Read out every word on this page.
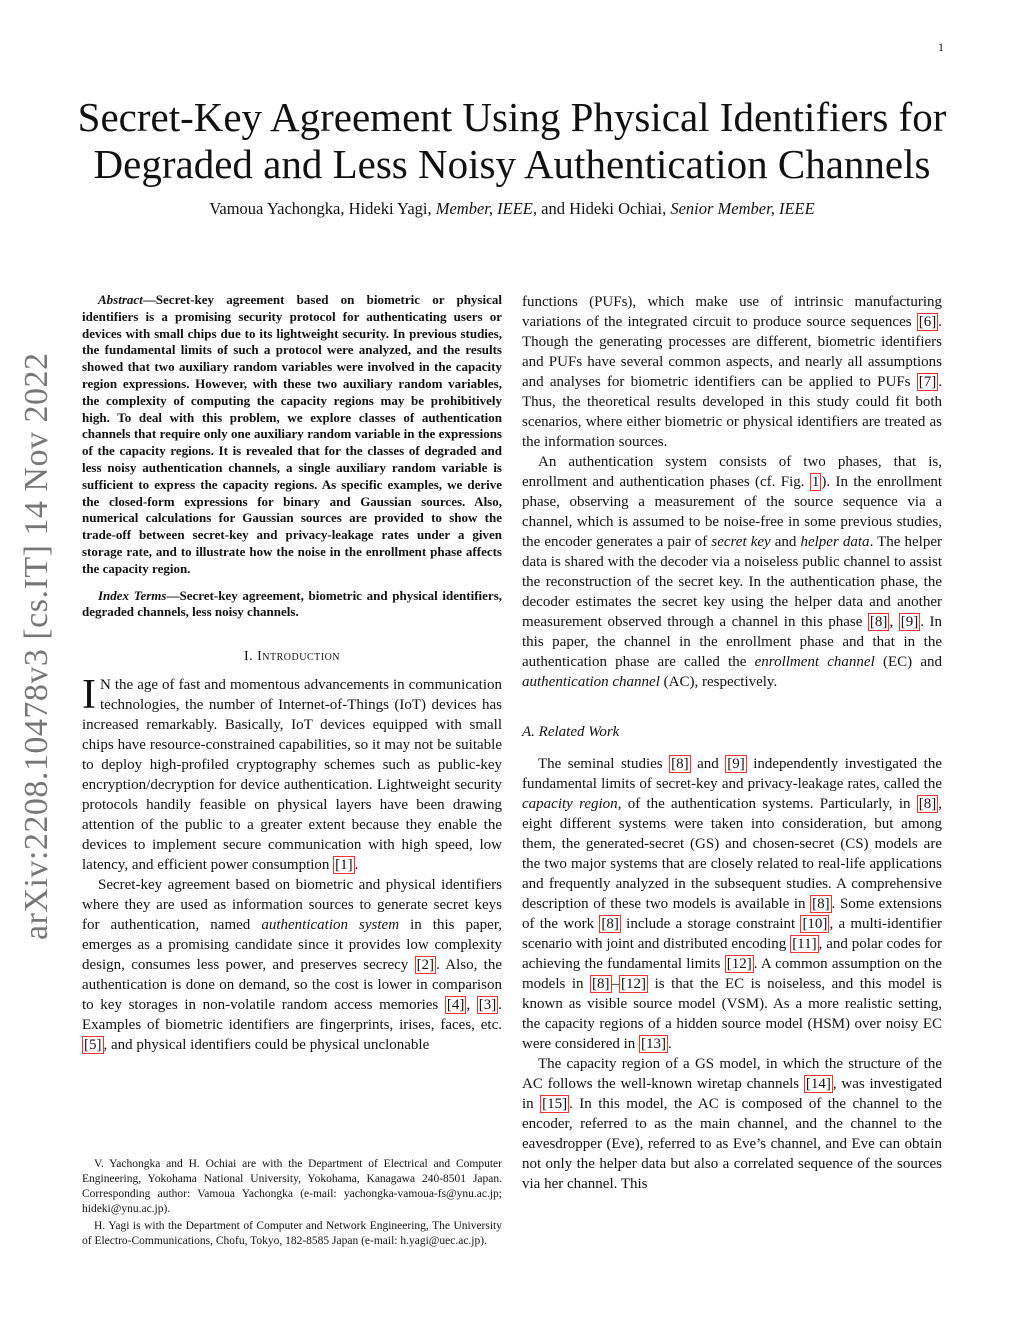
1
arXiv:2208.10478v3 [cs.IT] 14 Nov 2022
Secret-Key Agreement Using Physical Identifiers for
Degraded and Less Noisy Authentication Channels
Vamoua Yachongka, Hideki Yagi, Member, IEEE, and Hideki Ochiai, Senior Member, IEEE

Abstract—Secret-key agreement based on biometric or physical identifiers is a promising security protocol for authenticating users or devices with small chips due to its lightweight security. In previous studies, the fundamental limits of such a protocol were analyzed, and the results showed that two auxiliary random variables were involved in the capacity region expressions. However, with these two auxiliary random variables, the complexity of computing the capacity regions may be prohibitively high. To deal with this problem, we explore classes of authentication channels that require only one auxiliary random variable in the expressions of the capacity regions. It is revealed that for the classes of degraded and less noisy authentication channels, a single auxiliary random variable is sufficient to express the capacity regions. As specific examples, we derive the closed-form expressions for binary and Gaussian sources. Also, numerical calculations for Gaussian sources are provided to show the trade-off between secret-key and privacy-leakage rates under a given storage rate, and to illustrate how the noise in the enrollment phase affects the capacity region.

Index Terms—Secret-key agreement, biometric and physical identifiers, degraded channels, less noisy channels.

I. Introduction

I N the age of fast and momentous advancements in communication technologies, the number of Internet-of-Things (IoT) devices has increased remarkably. Basically, IoT devices equipped with small chips have resource-constrained capabilities, so it may not be suitable to deploy high-profiled cryptography schemes such as public-key encryption/decryption for device authentication. Lightweight security protocols handily feasible on physical layers have been drawing attention of the public to a greater extent because they enable the devices to implement secure communication with high speed, low latency, and efficient power consumption [1] .

Secret-key agreement based on biometric and physical identifiers where they are used as information sources to generate secret keys for authentication, named authentication system in this paper, emerges as a promising candidate since it provides low complexity design, consumes less power, and preserves secrecy [2] . Also, the authentication is done on demand, so the cost is lower in comparison to key storages in non-volatile random access memories [4] , [3] . Examples of biometric identifiers are fingerprints, irises, faces, etc. [5] , and physical identifiers could be physical unclonable

V. Yachongka and H. Ochiai are with the Department of Electrical and Computer Engineering, Yokohama National University, Yokohama, Kanagawa 240-8501 Japan. Corresponding author: Vamoua Yachongka (e-mail: yachongka-vamoua-fs@ynu.ac.jp; hideki@ynu.ac.jp).

H. Yagi is with the Department of Computer and Network Engineering, The University of Electro-Communications, Chofu, Tokyo, 182-8585 Japan (e-mail: h.yagi@uec.ac.jp).

functions (PUFs), which make use of intrinsic manufacturing variations of the integrated circuit to produce source sequences [6] . Though the generating processes are different, biometric identifiers and PUFs have several common aspects, and nearly all assumptions and analyses for biometric identifiers can be applied to PUFs [7] . Thus, the theoretical results developed in this study could fit both scenarios, where either biometric or physical identifiers are treated as the information sources.

An authentication system consists of two phases, that is, enrollment and authentication phases (cf. Fig. 1 ). In the enrollment phase, observing a measurement of the source sequence via a channel, which is assumed to be noise-free in some previous studies, the encoder generates a pair of secret key and helper data. The helper data is shared with the decoder via a noiseless public channel to assist the reconstruction of the secret key. In the authentication phase, the decoder estimates the secret key using the helper data and another measurement observed through a channel in this phase [8] , [9] . In this paper, the channel in the enrollment phase and that in the authentication phase are called the enrollment channel (EC) and authentication channel (AC), respectively.

A. Related Work

The seminal studies [8] and [9] independently investigated the fundamental limits of secret-key and privacy-leakage rates, called the capacity region, of the authentication systems. Particularly, in [8] , eight different systems were taken into consideration, but among them, the generated-secret (GS) and chosen-secret (CS) models are the two major systems that are closely related to real-life applications and frequently analyzed in the subsequent studies. A comprehensive description of these two models is available in [8] . Some extensions of the work [8] include a storage constraint [10] , a multi-identifier scenario with joint and distributed encoding [11] , and polar codes for achieving the fundamental limits [12] . A common assumption on the models in [8] – [12] is that the EC is noiseless, and this model is known as visible source model (VSM). As a more realistic setting, the capacity regions of a hidden source model (HSM) over noisy EC were considered in [13] .

The capacity region of a GS model, in which the structure of the AC follows the well-known wiretap channels [14] , was investigated in [15] . In this model, the AC is composed of the channel to the encoder, referred to as the main channel, and the channel to the eavesdropper (Eve), referred to as Eve’s channel, and Eve can obtain not only the helper data but also a correlated sequence of the sources via her channel. This
